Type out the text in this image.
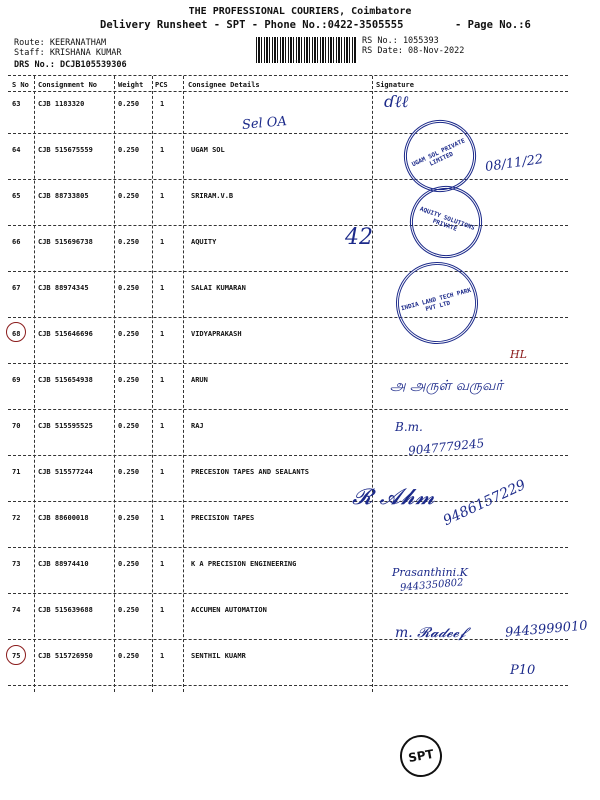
THE PROFESSIONAL COURIERS, Coimbatore
Delivery Runsheet - SPT - Phone No.:0422-3505555	- Page No.:6
Route: KEERANATHAM
Staff: KRISHANA KUMAR
DRS No.: DCJB105539306
RS No.: 1055393
RS Date: 08-Nov-2022
S No Consignment No	Weight PCS	Consignee Details	Signature
63	CJB 1183320	0.250	1
64	CJB 515675559	0.250	1	UGAM SOL
65	CJB 88733805	0.250	1	SRIRAM.V.B
66	CJB 515696738	0.250	1	AQUITY
67	CJB 88974345	0.250	1	SALAI KUMARAN
68	CJB 515646696	0.250	1	VIDYAPRAKASH
69	CJB 515654938	0.250	1	ARUN
70	CJB 515595525	0.250	1	RAJ
71	CJB 515577244	0.250	1	PRECESION TAPES AND SEALANTS
72	CJB 88600018	0.250	1	PRECISION TAPES
73	CJB 88974410	0.250	1	K A PRECISION ENGINEERING
74	CJB 515639688	0.250	1	ACCUMEN AUTOMATION
75	CJB 515726950	0.250	1	SENTHIL KUAMR
UGAM SOL PRIVATE LIMITED
AQUITY SOLUTIONS PRIVATE
INDIA LAND TECH PARK PVT LTD
SPT
Sel OA
ɗℓℓ
08/11/22
42
HL
அ அருள் வருவர்
B.m.
9047779245
9486157229
𝓡 𝓐𝓱𝓶
Prasanthini.K
9443350802
m. 𝓡𝓪𝓭𝓮𝓮𝓯	9443999010
P10
